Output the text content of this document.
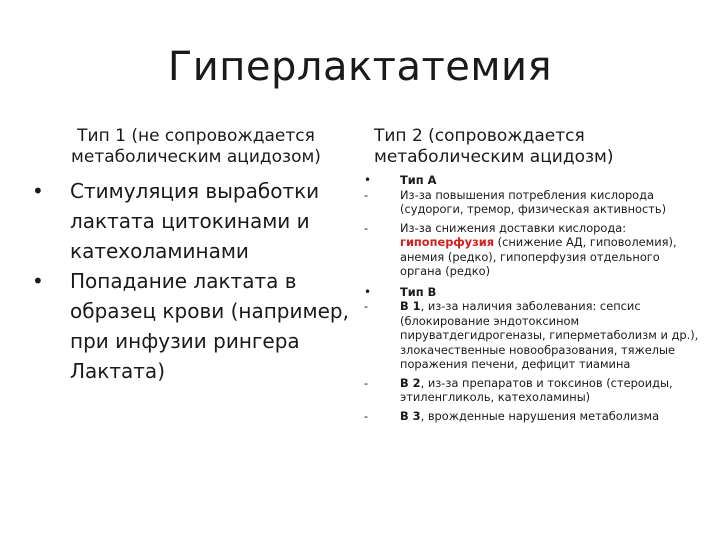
Гиперлактатемия
Тип 1 (не сопровождается
метаболическим ацидозом)
•	Стимуляция выработки лактата цитокинами и катехоламинами
•	Попадание лактата в образец крови (например, при инфузии рингера Лактата)
Тип 2 (сопровождается
метаболическим ацидозм)
•	Тип А
-	Из-за повышения потребления кислорода (судороги, тремор, физическая активность)
-	Из-за снижения доставки кислорода: гипоперфузия (снижение АД, гиповолемия), анемия (редко), гипоперфузия отдельного органа (редко)
•	Тип В
-	В 1, из-за наличия заболевания: сепсис (блокирование эндотоксином пируватдегидрогеназы, гиперметаболизм и др.), злокачественные новообразования, тяжелые поражения печени, дефицит тиамина
-	В 2, из-за препаратов и токсинов (стероиды, этиленгликоль, катехоламины)
-	В 3, врожденные нарушения метаболизма
